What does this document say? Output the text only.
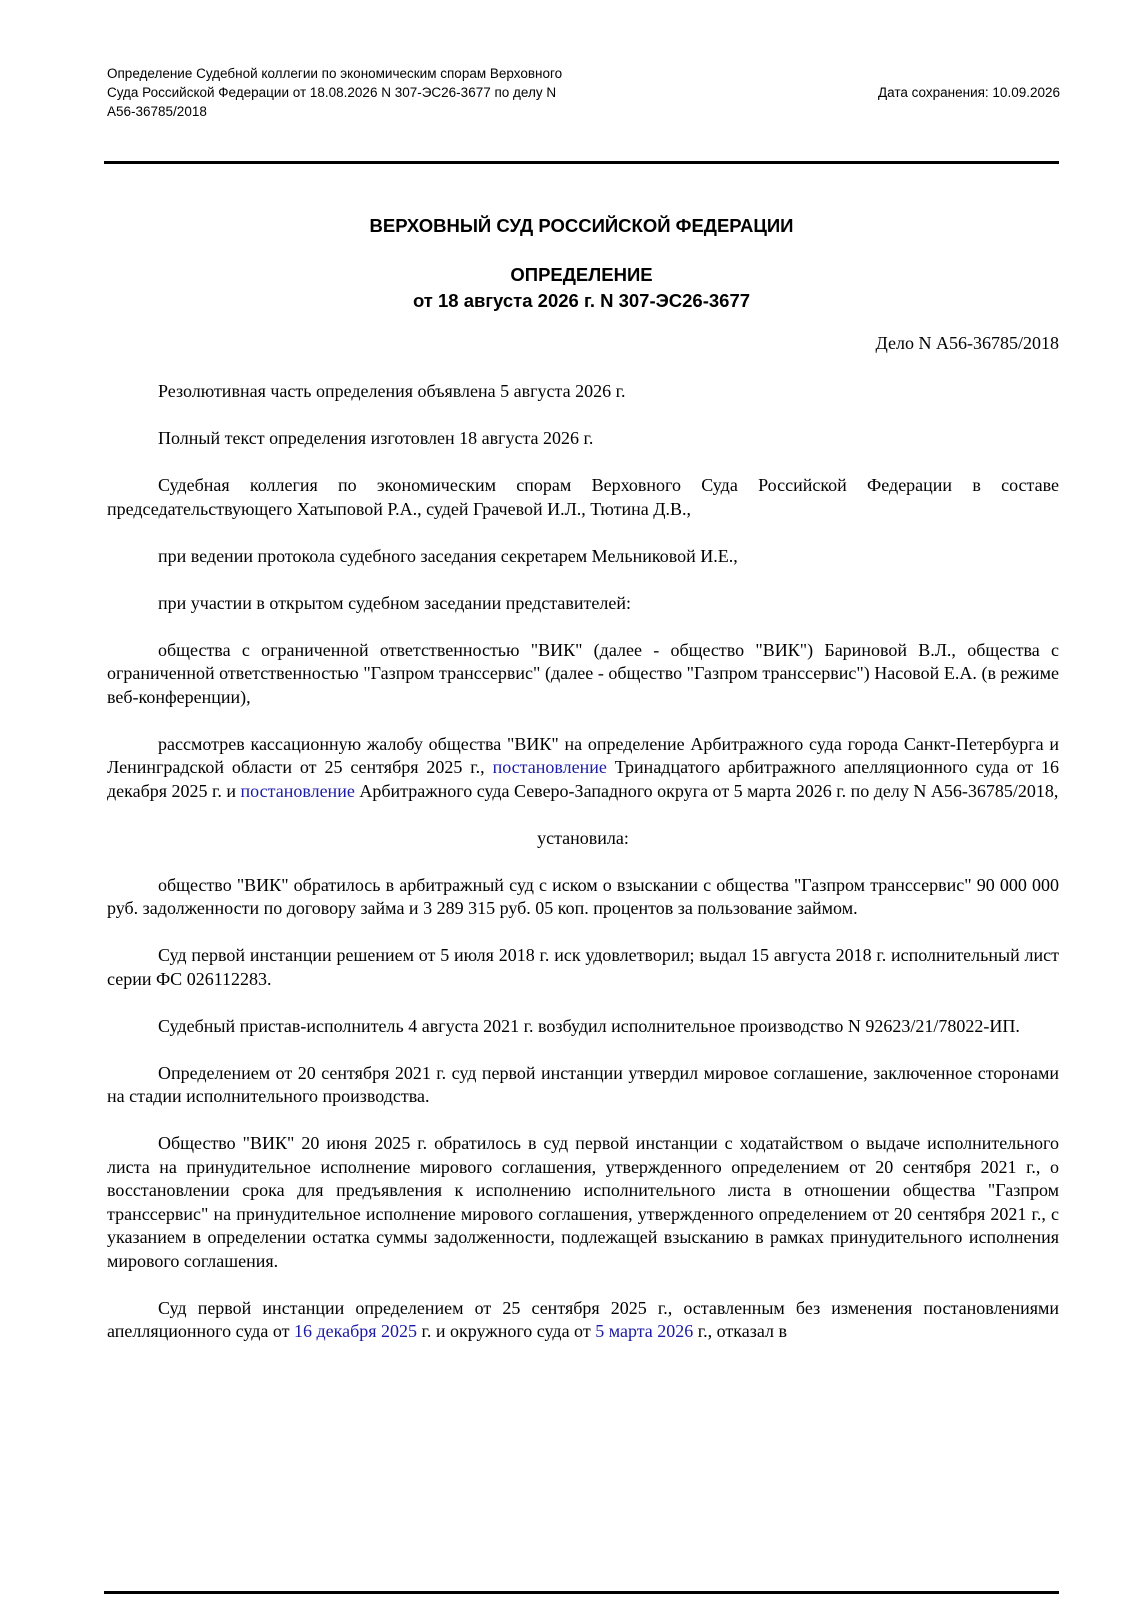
Определение Судебной коллегии по экономическим спорам Верховного
Суда Российской Федерации от 18.08.2026 N 307-ЭС26-3677 по делу N
А56-36785/2018
Дата сохранения: 10.09.2026
ВЕРХОВНЫЙ СУД РОССИЙСКОЙ ФЕДЕРАЦИИ
ОПРЕДЕЛЕНИЕ
от 18 августа 2026 г. N 307-ЭС26-3677
Дело N А56-36785/2018

Резолютивная часть определения объявлена 5 августа 2026 г.

Полный текст определения изготовлен 18 августа 2026 г.

Судебная коллегия по экономическим спорам Верховного Суда Российской Федерации в составе председательствующего Хатыповой Р.А., судей Грачевой И.Л., Тютина Д.В.,

при ведении протокола судебного заседания секретарем Мельниковой И.Е.,

при участии в открытом судебном заседании представителей:

общества с ограниченной ответственностью "ВИК" (далее - общество "ВИК") Бариновой В.Л., общества с ограниченной ответственностью "Газпром транссервис" (далее - общество "Газпром транссервис") Насовой Е.А. (в режиме веб-конференции),

рассмотрев кассационную жалобу общества "ВИК" на определение Арбитражного суда города Санкт-Петербурга и Ленинградской области от 25 сентября 2025 г., постановление Тринадцатого арбитражного апелляционного суда от 16 декабря 2025 г. и постановление Арбитражного суда Северо-Западного округа от 5 марта 2026 г. по делу N А56-36785/2018,

установила:

общество "ВИК" обратилось в арбитражный суд с иском о взыскании с общества "Газпром транссервис" 90 000 000 руб. задолженности по договору займа и 3 289 315 руб. 05 коп. процентов за пользование займом.

Суд первой инстанции решением от 5 июля 2018 г. иск удовлетворил; выдал 15 августа 2018 г. исполнительный лист серии ФС 026112283.

Судебный пристав-исполнитель 4 августа 2021 г. возбудил исполнительное производство N 92623/21/78022-ИП.

Определением от 20 сентября 2021 г. суд первой инстанции утвердил мировое соглашение, заключенное сторонами на стадии исполнительного производства.

Общество "ВИК" 20 июня 2025 г. обратилось в суд первой инстанции с ходатайством о выдаче исполнительного листа на принудительное исполнение мирового соглашения, утвержденного определением от 20 сентября 2021 г., о восстановлении срока для предъявления к исполнению исполнительного листа в отношении общества "Газпром транссервис" на принудительное исполнение мирового соглашения, утвержденного определением от 20 сентября 2021 г., с указанием в определении остатка суммы задолженности, подлежащей взысканию в рамках принудительного исполнения мирового соглашения.

Суд первой инстанции определением от 25 сентября 2025 г., оставленным без изменения постановлениями апелляционного суда от 16 декабря 2025 г. и окружного суда от 5 марта 2026 г., отказал в
